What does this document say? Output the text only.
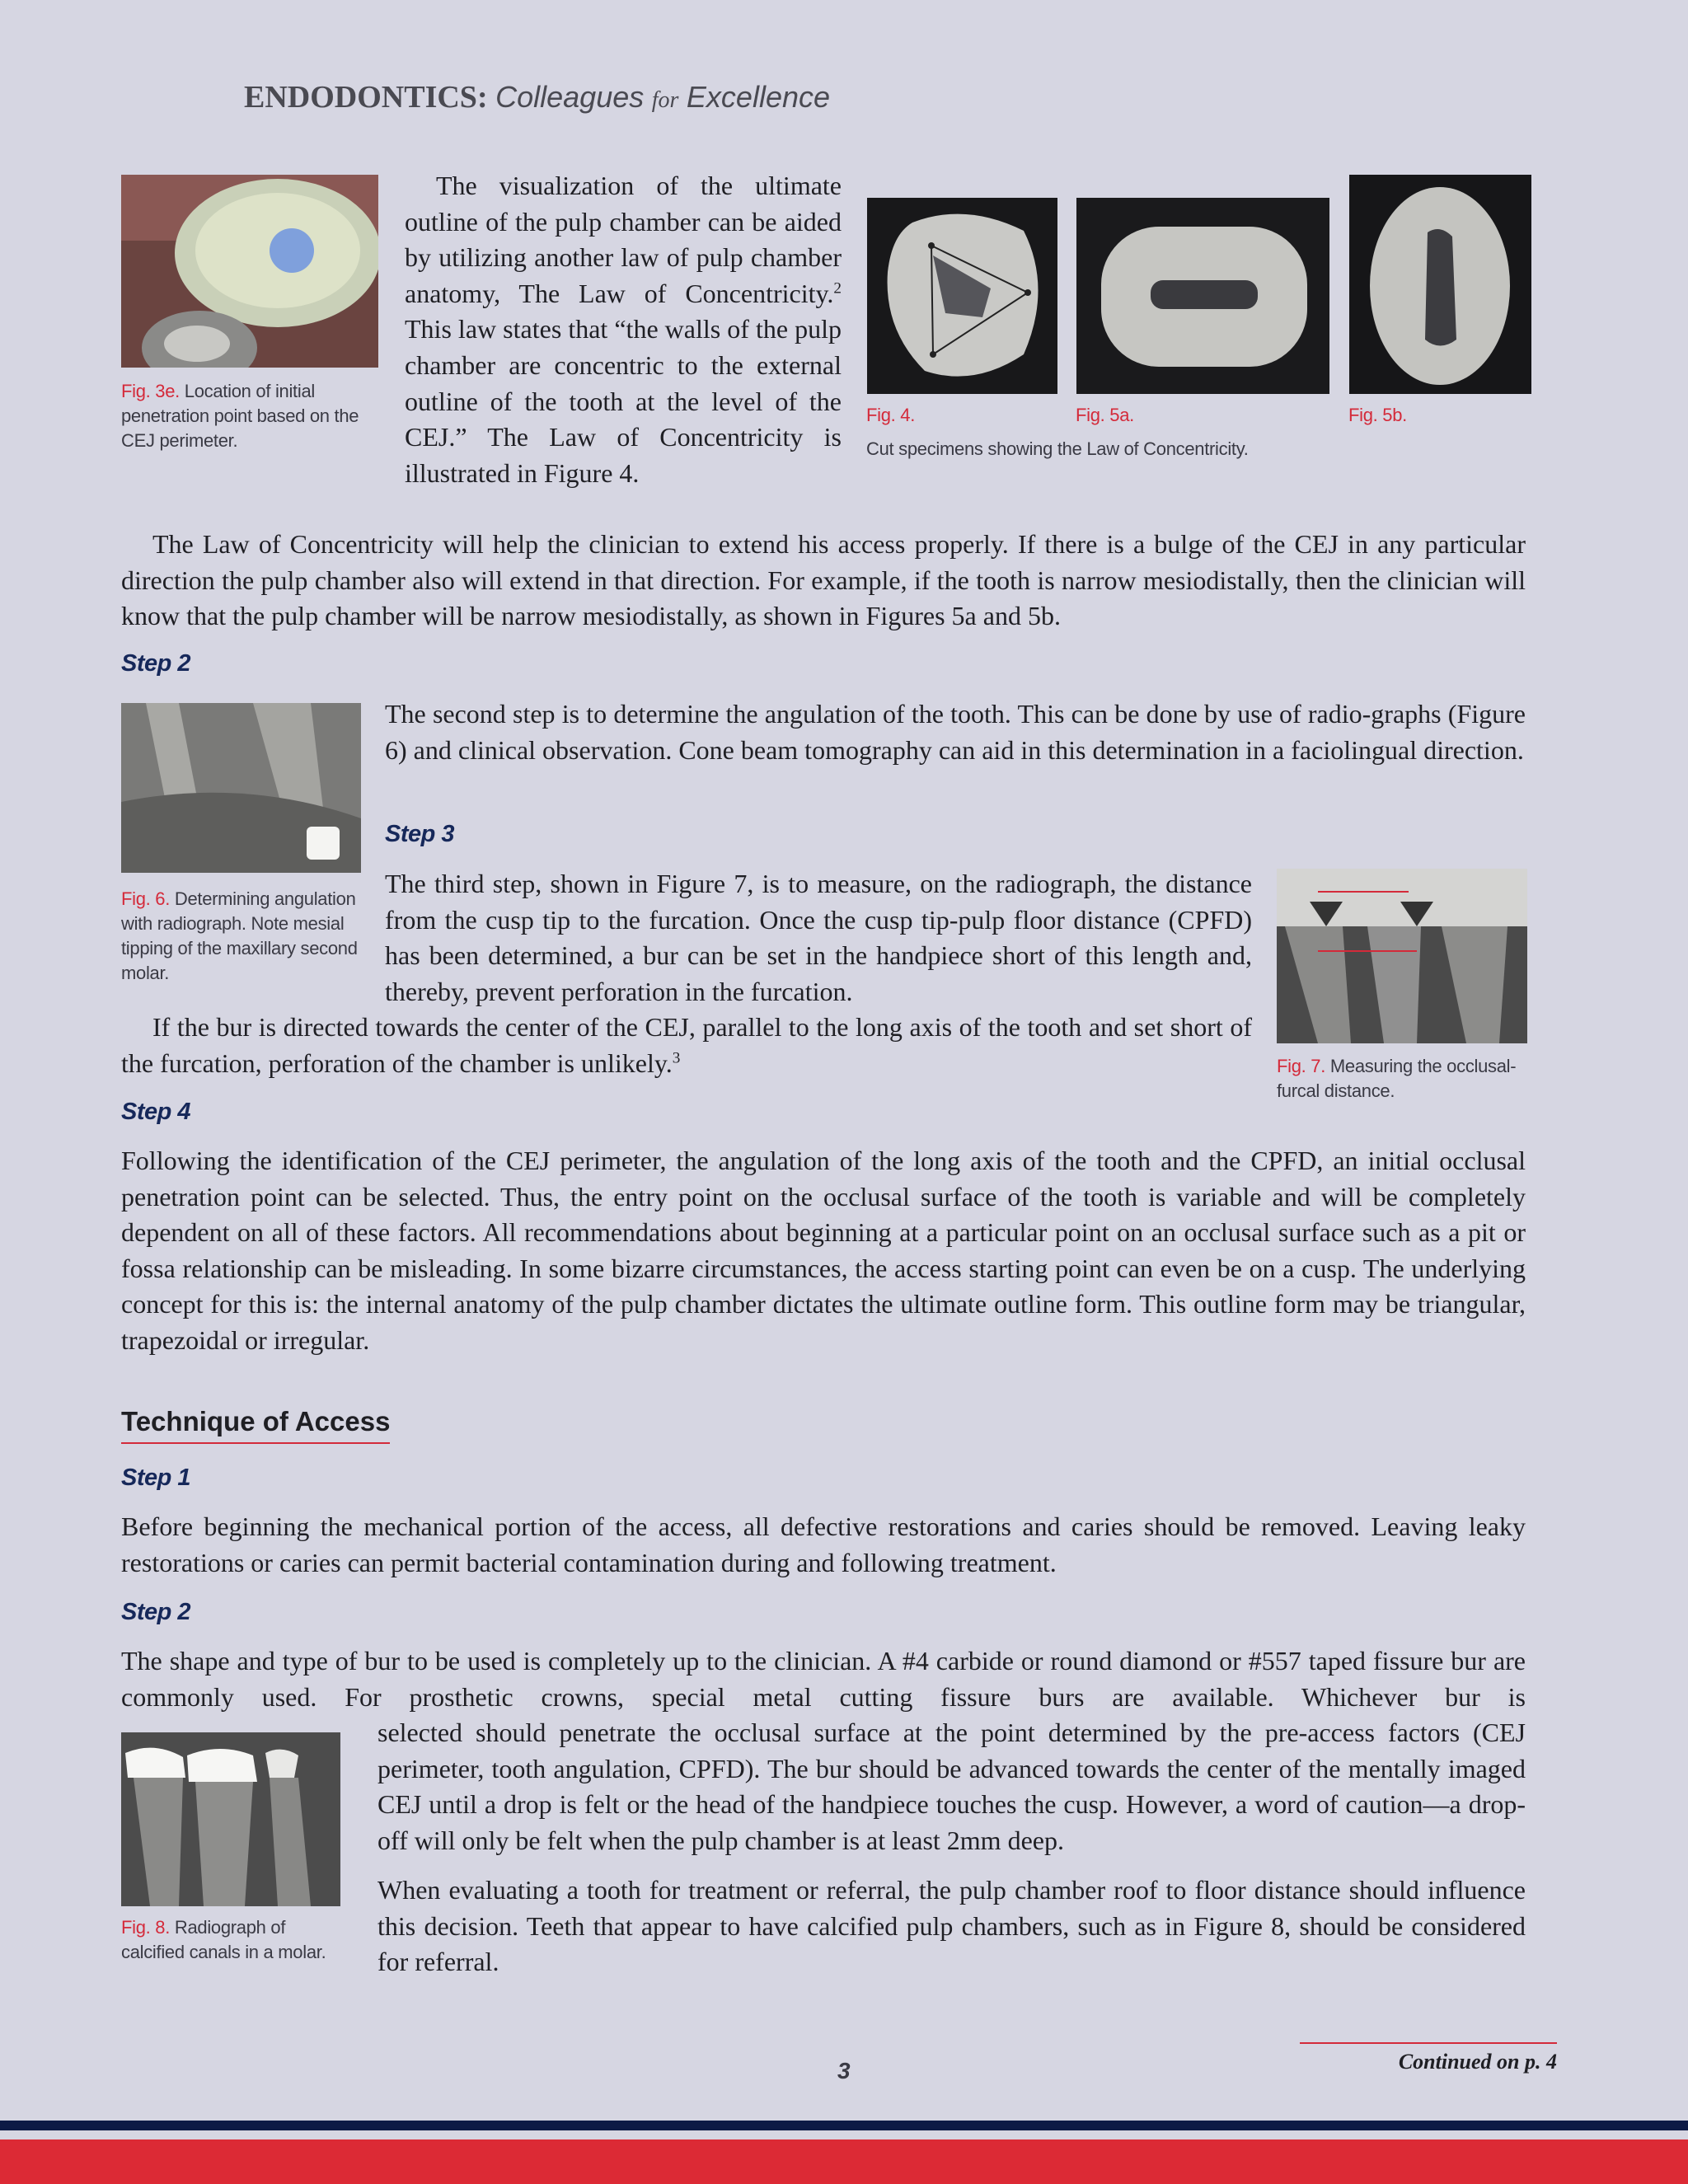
ENDODONTICS: Colleagues for Excellence
Fig. 3e. Location of initial penetration point based on the CEJ perimeter.
The visualization of the ultimate outline of the pulp chamber can be aided by utilizing another law of pulp chamber anatomy, The Law of Concentricity.$^2$ This law states that “the walls of the pulp chamber are concentric to the external outline of the tooth at the level of the CEJ.” The Law of Concentricity is illustrated in Figure 4.
Fig. 4.	Fig. 5a.	Fig. 5b.
Cut specimens showing the Law of Concentricity.
The Law of Concentricity will help the clinician to extend his access properly. If there is a bulge of the CEJ in any particular direction the pulp chamber also will extend in that direction. For example, if the tooth is narrow mesiodistally, then the clinician will know that the pulp chamber will be narrow mesiodistally, as shown in Figures 5a and 5b.
Step 2
Fig. 6. Determining angulation with radiograph. Note mesial tipping of the maxillary second molar.
The second step is to determine the angulation of the tooth. This can be done by use of radio-graphs (Figure 6) and clinical observation. Cone beam tomography can aid in this determination in a faciolingual direction.
Step 3
The third step, shown in Figure 7, is to measure, on the radiograph, the distance from the cusp tip to the furcation. Once the cusp tip-pulp floor distance (CPFD) has been determined, a bur can be set in the handpiece short of this length and, thereby, prevent perforation in the furcation.
If the bur is directed towards the center of the CEJ, parallel to the long axis of the tooth and set short of the furcation, perforation of the chamber is unlikely.$^3$	Fig. 7. Measuring the occlusal-furcal distance.
Step 4
Following the identification of the CEJ perimeter, the angulation of the long axis of the tooth and the CPFD, an initial occlusal penetration point can be selected. Thus, the entry point on the occlusal surface of the tooth is variable and will be completely dependent on all of these factors. All recommendations about beginning at a particular point on an occlusal surface such as a pit or fossa relationship can be misleading. In some bizarre circumstances, the access starting point can even be on a cusp. The underlying concept for this is: the internal anatomy of the pulp chamber dictates the ultimate outline form. This outline form may be triangular, trapezoidal or irregular.
Technique of Access
Step 1
Before beginning the mechanical portion of the access, all defective restorations and caries should be removed. Leaving leaky restorations or caries can permit bacterial contamination during and following treatment.
Step 2
The shape and type of bur to be used is completely up to the clinician. A #4 carbide or round diamond or #557 taped fissure bur are commonly used. For prosthetic crowns, special metal cutting fissure burs are available. Whichever bur is
Fig. 8. Radiograph of calcified canals in a molar.
selected should penetrate the occlusal surface at the point determined by the pre-access factors (CEJ perimeter, tooth angulation, CPFD). The bur should be advanced towards the center of the mentally imaged CEJ until a drop is felt or the head of the handpiece touches the cusp. However, a word of caution—a drop-off will only be felt when the pulp chamber is at least 2mm deep.
When evaluating a tooth for treatment or referral, the pulp chamber roof to floor distance should influence this decision. Teeth that appear to have calcified pulp chambers, such as in Figure 8, should be considered for referral.
Continued on p. 4
3
